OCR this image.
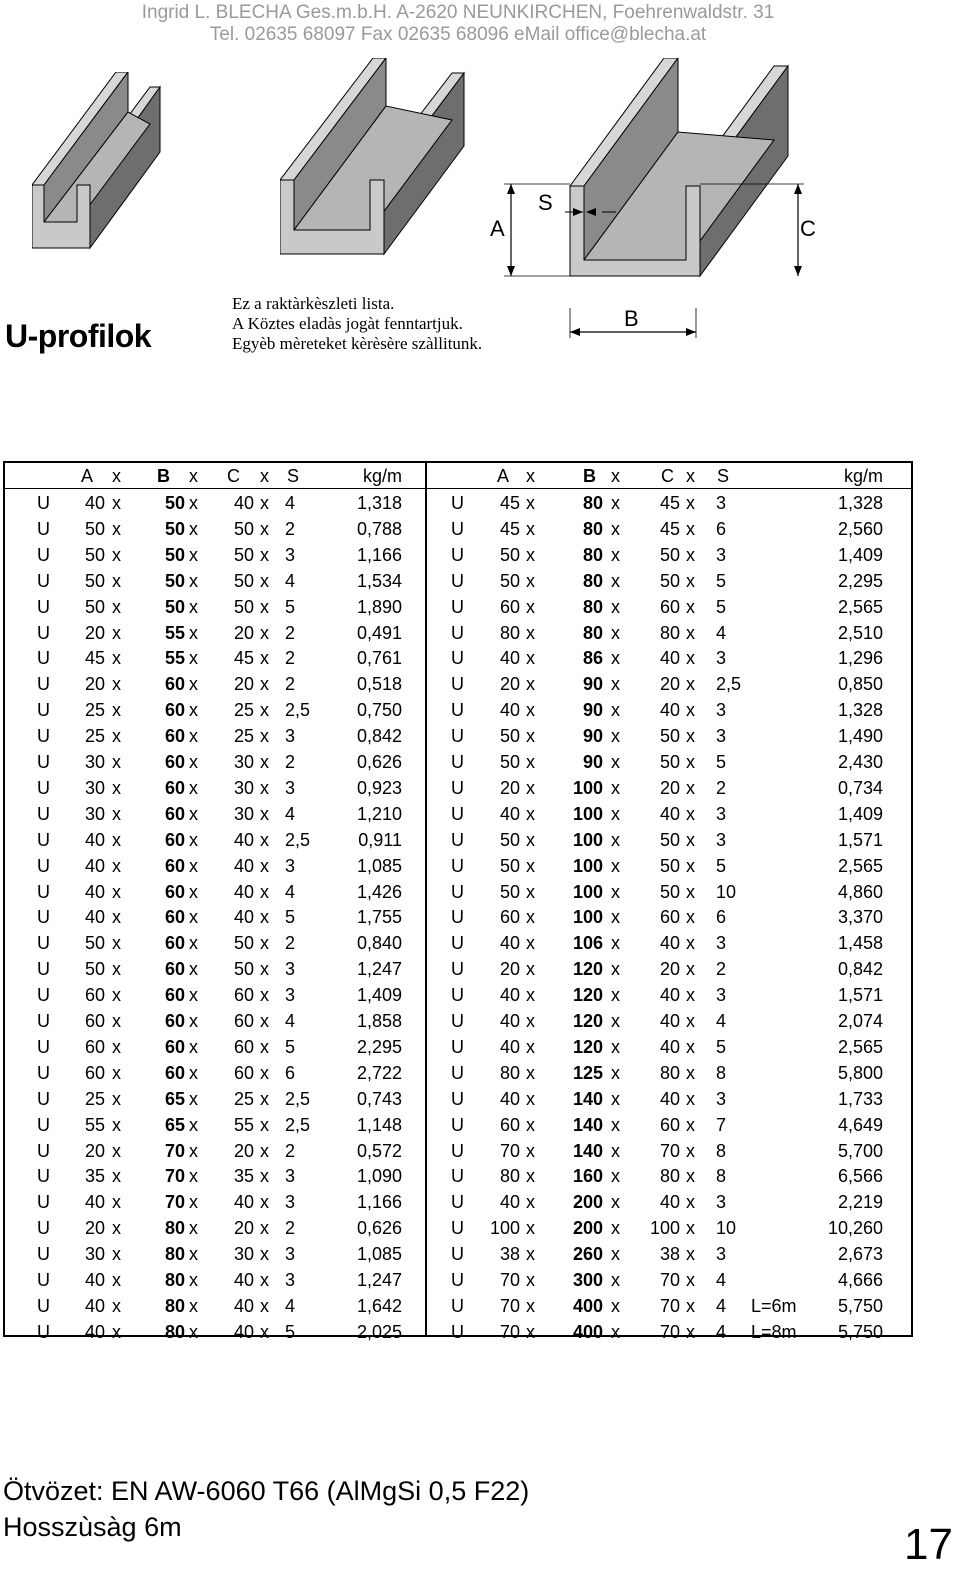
Ingrid L. BLECHA Ges.m.b.H. A-2620 NEUNKIRCHEN, Foehrenwaldstr. 31
Tel. 02635 68097 Fax 02635 68096 eMail office@blecha.at
A
S
C
B
U-profilok
Ez a raktàrkèszleti lista.
A Köztes eladàs jogàt fenntartjuk.
Egyèb mèreteket kèrèsère szàllitunk.
A	x B x C x S	kg/m	A x	B x C x S	kg/m
U	40 x	50 x	40 x 4	1,318	U	45 x	80 x	45 x 3	1,328
U	50 x	50 x	50 x 2	0,788	U	45 x	80 x	45 x 6	2,560
U	50 x	50 x	50 x 3	1,166	U	50 x	80 x	50 x 3	1,409
U	50 x	50 x	50 x 4	1,534	U	50 x	80 x	50 x 5	2,295
U	50 x	50 x	50 x 5	1,890	U	60 x	80 x	60 x 5	2,565
U	20 x	55 x	20 x 2	0,491	U	80 x	80 x	80 x 4	2,510
U	45 x	55 x	45 x 2	0,761	U	40 x	86 x	40 x 3	1,296
U	20 x	60 x	20 x 2	0,518	U	20 x	90 x	20 x 2,5	0,850
U	25 x	60 x	25 x 2,5	0,750	U	40 x	90 x	40 x 3	1,328
U	25 x	60 x	25 x 3	0,842	U	50 x	90 x	50 x 3	1,490
U	30 x	60 x	30 x 2	0,626	U	50 x	90 x	50 x 5	2,430
U	30 x	60 x	30 x 3	0,923	U	20 x	100 x	20 x 2	0,734
U	30 x	60 x	30 x 4	1,210	U	40 x	100 x	40 x 3	1,409
U	40 x	60 x	40 x 2,5	0,911	U	50 x	100 x	50 x 3	1,571
U	40 x	60 x	40 x 3	1,085	U	50 x	100 x	50 x 5	2,565
U	40 x	60 x	40 x 4	1,426	U	50 x	100 x	50 x 10	4,860
U	40 x	60 x	40 x 5	1,755	U	60 x	100 x	60 x 6	3,370
U	50 x	60 x	50 x 2	0,840	U	40 x	106 x	40 x 3	1,458
U	50 x	60 x	50 x 3	1,247	U	20 x	120 x	20 x 2	0,842
U	60 x	60 x	60 x 3	1,409	U	40 x	120 x	40 x 3	1,571
U	60 x	60 x	60 x 4	1,858	U	40 x	120 x	40 x 4	2,074
U	60 x	60 x	60 x 5	2,295	U	40 x	120 x	40 x 5	2,565
U	60 x	60 x	60 x 6	2,722	U	80 x	125 x	80 x 8	5,800
U	25 x	65 x	25 x 2,5	0,743	U	40 x	140 x	40 x 3	1,733
U	55 x	65 x	55 x 2,5	1,148	U	60 x	140 x	60 x 7	4,649
U	20 x	70 x	20 x 2	0,572	U	70 x	140 x	70 x 8	5,700
U	35 x	70 x	35 x 3	1,090	U	80 x	160 x	80 x 8	6,566
U	40 x	70 x	40 x 3	1,166	U	40 x	200 x	40 x 3	2,219
U	20 x	80 x	20 x 2	0,626	U 100 x	200 x	100 x 10	10,260
U	30 x	80 x	30 x 3	1,085	U	38 x	260 x	38 x 3	2,673
U	40 x	80 x	40 x 3	1,247	U	70 x	300 x	70 x 4	4,666
U	40 x	80 x	40 x 4	1,642	U	70 x	400 x	70 x 4 L=6m	5,750
U	40 x	80 x	40 x 5	2,025	U	70 x	400 x	70 x 4 L=8m	5,750
Ötvözet: EN AW-6060 T66 (AlMgSi 0,5 F22)
Hosszùsàg 6m	17
